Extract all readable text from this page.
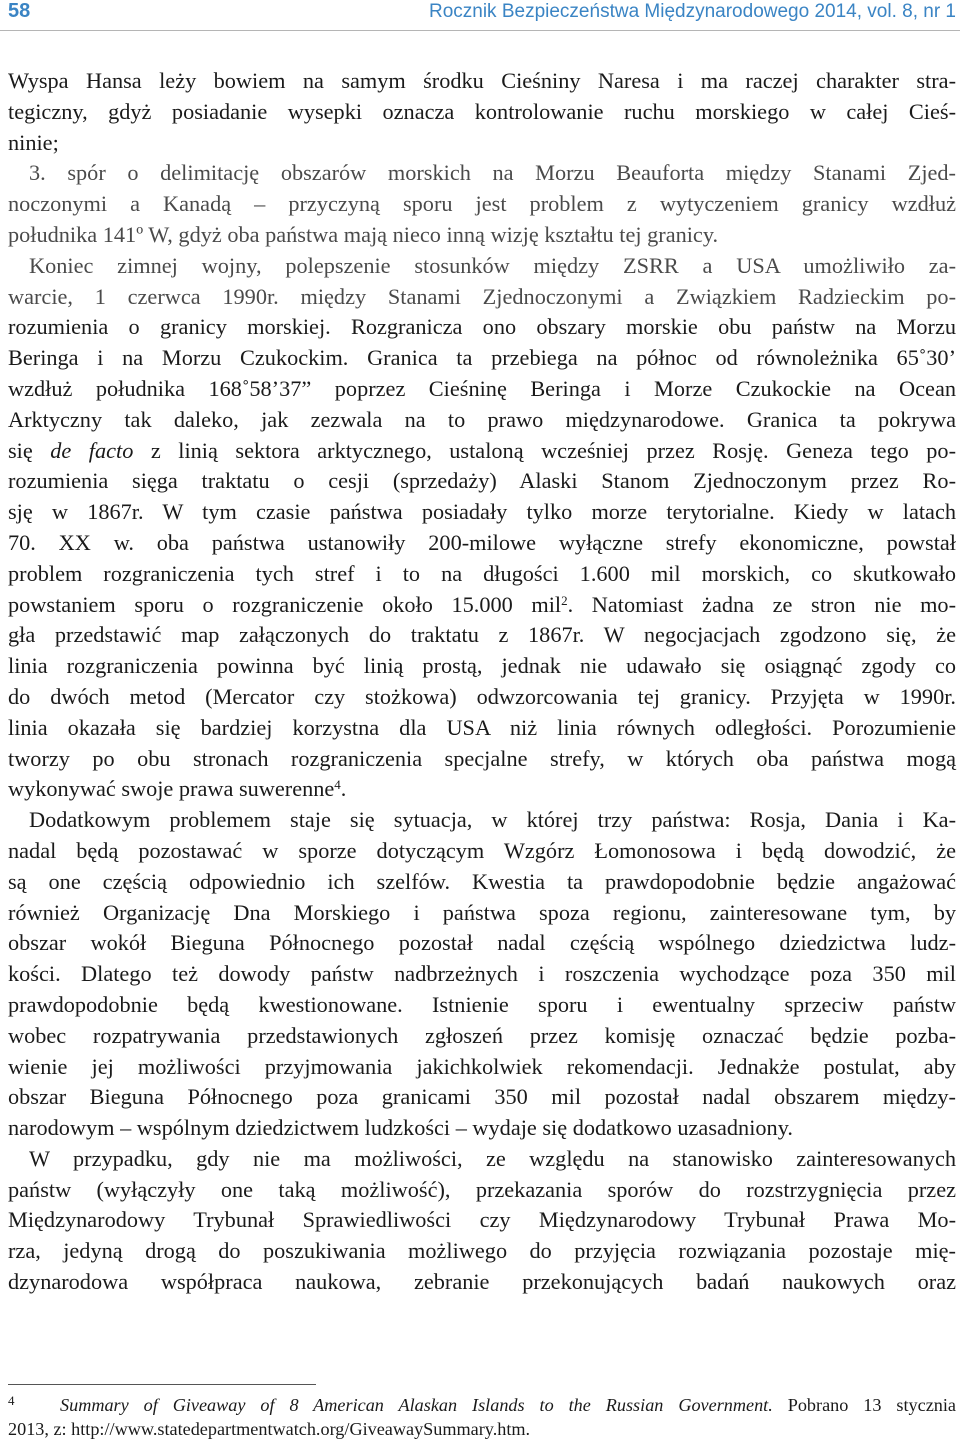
58	Rocznik Bezpieczeństwa Międzynarodowego 2014, vol. 8, nr 1
Wyspa Hansa leży bowiem na samym środku Cieśniny Naresa i ma raczej charakter stra-
tegiczny, gdyż posiadanie wysepki oznacza kontrolowanie ruchu morskiego w całej Cieś-
ninie;
3. spór o delimitację obszarów morskich na Morzu Beauforta między Stanami Zjed-
noczonymi a Kanadą – przyczyną sporu jest problem z wytyczeniem granicy wzdłuż
południka 141º W, gdyż oba państwa mają nieco inną wizję kształtu tej granicy.
Koniec zimnej wojny, polepszenie stosunków między ZSRR a USA umożliwiło za-
warcie, 1 czerwca 1990r. między Stanami Zjednoczonymi a Związkiem Radzieckim po-
rozumienia o granicy morskiej. Rozgranicza ono obszary morskie obu państw na Morzu
Beringa i na Morzu Czukockim. Granica ta przebiega na północ od równoleżnika 65˚30’
wzdłuż południka 168˚58’37” poprzez Cieśninę Beringa i Morze Czukockie na Ocean
Arktyczny tak daleko, jak zezwala na to prawo międzynarodowe. Granica ta pokrywa
się de facto z linią sektora arktycznego, ustaloną wcześniej przez Rosję. Geneza tego po-
rozumienia sięga traktatu o cesji (sprzedaży) Alaski Stanom Zjednoczonym przez Ro-
sję w 1867r. W tym czasie państwa posiadały tylko morze terytorialne. Kiedy w latach
70. XX w. oba państwa ustanowiły 200-milowe wyłączne strefy ekonomiczne, powstał
problem rozgraniczenia tych stref i to na długości 1.600 mil morskich, co skutkowało
powstaniem sporu o rozgraniczenie około 15.000 mil$^2$. Natomiast żadna ze stron nie mo-
gła przedstawić map załączonych do traktatu z 1867r. W negocjacjach zgodzono się, że
linia rozgraniczenia powinna być linią prostą, jednak nie udawało się osiągnąć zgody co
do dwóch metod (Mercator czy stożkowa) odwzorcowania tej granicy. Przyjęta w 1990r.
linia okazała się bardziej korzystna dla USA niż linia równych odległości. Porozumienie
tworzy po obu stronach rozgraniczenia specjalne strefy, w których oba państwa mogą
wykonywać swoje prawa suwerenne$^4$.
Dodatkowym problemem staje się sytuacja, w której trzy państwa: Rosja, Dania i Ka-
nadal będą pozostawać w sporze dotyczącym Wzgórz Łomonosowa i będą dowodzić, że
są one częścią odpowiednio ich szelfów. Kwestia ta prawdopodobnie będzie angażować
również Organizację Dna Morskiego i państwa spoza regionu, zainteresowane tym, by
obszar wokół Bieguna Północnego pozostał nadal częścią wspólnego dziedzictwa ludz-
kości. Dlatego też dowody państw nadbrzeżnych i roszczenia wychodzące poza 350 mil
prawdopodobnie będą kwestionowane. Istnienie sporu i ewentualny sprzeciw państw
wobec rozpatrywania przedstawionych zgłoszeń przez komisję oznaczać będzie pozba-
wienie jej możliwości przyjmowania jakichkolwiek rekomendacji. Jednakże postulat, aby
obszar Bieguna Północnego poza granicami 350 mil pozostał nadal obszarem między-
narodowym – wspólnym dziedzictwem ludzkości – wydaje się dodatkowo uzasadniony.
W przypadku, gdy nie ma możliwości, ze względu na stanowisko zainteresowanych
państw (wyłączyły one taką możliwość), przekazania sporów do rozstrzygnięcia przez
Międzynarodowy Trybunał Sprawiedliwości czy Międzynarodowy Trybunał Prawa Mo-
rza, jedyną drogą do poszukiwania możliwego do przyjęcia rozwiązania pozostaje mię-
dzynarodowa współpraca naukowa, zebranie przekonujących badań naukowych oraz
4	Summary of Giveaway of 8 American Alaskan Islands to the Russian Government. Pobrano 13 stycznia
2013, z: http://www.statedepartmentwatch.org/GiveawaySummary.htm.
